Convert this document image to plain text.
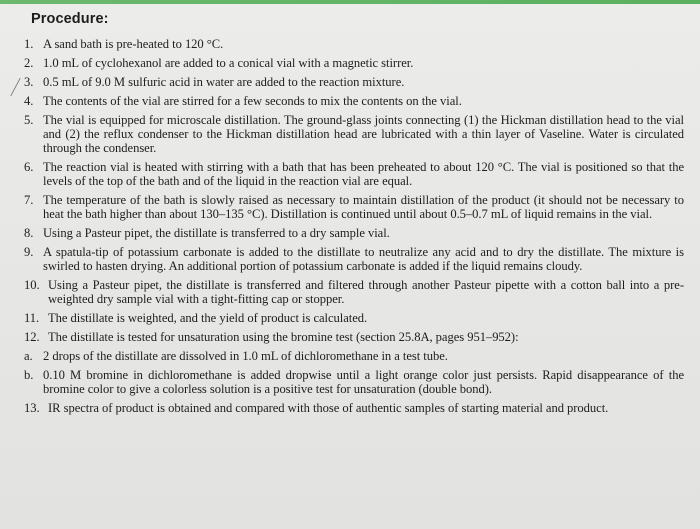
Procedure:
1. A sand bath is pre-heated to 120 °C.
2. 1.0 mL of cyclohexanol are added to a conical vial with a magnetic stirrer.
3. 0.5 mL of 9.0 M sulfuric acid in water are added to the reaction mixture.
4. The contents of the vial are stirred for a few seconds to mix the contents on the vial.
5. The vial is equipped for microscale distillation. The ground-glass joints connecting (1) the Hickman distillation head to the vial and (2) the reflux condenser to the Hickman distillation head are lubricated with a thin layer of Vaseline. Water is circulated through the condenser.
6. The reaction vial is heated with stirring with a bath that has been preheated to about 120 °C. The vial is positioned so that the levels of the top of the bath and of the liquid in the reaction vial are equal.
7. The temperature of the bath is slowly raised as necessary to maintain distillation of the product (it should not be necessary to heat the bath higher than about 130–135 °C). Distillation is continued until about 0.5–0.7 mL of liquid remains in the vial.
8. Using a Pasteur pipet, the distillate is transferred to a dry sample vial.
9. A spatula-tip of potassium carbonate is added to the distillate to neutralize any acid and to dry the distillate. The mixture is swirled to hasten drying. An additional portion of potassium carbonate is added if the liquid remains cloudy.
10. Using a Pasteur pipet, the distillate is transferred and filtered through another Pasteur pipette with a cotton ball into a pre-weighted dry sample vial with a tight-fitting cap or stopper.
11. The distillate is weighted, and the yield of product is calculated.
12. The distillate is tested for unsaturation using the bromine test (section 25.8A, pages 951–952):
a. 2 drops of the distillate are dissolved in 1.0 mL of dichloromethane in a test tube.
b. 0.10 M bromine in dichloromethane is added dropwise until a light orange color just persists. Rapid disappearance of the bromine color to give a colorless solution is a positive test for unsaturation (double bond).
13. IR spectra of product is obtained and compared with those of authentic samples of starting material and product.
